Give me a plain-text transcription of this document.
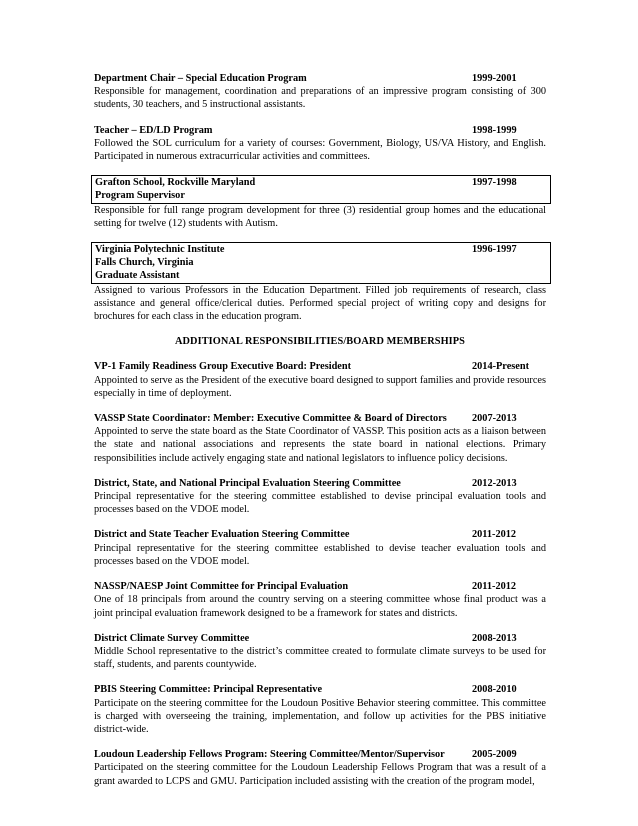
Department Chair – Special Education Program	1999-2001
Responsible for management, coordination and preparations of an impressive program consisting of 300 students, 30 teachers, and 5 instructional assistants.
Teacher – ED/LD Program	1998-1999
Followed the SOL curriculum for a variety of courses: Government, Biology, US/VA History, and English. Participated in numerous extracurricular activities and committees.
Grafton School, Rockville Maryland	1997-1998
Program Supervisor
Responsible for full range program development for three (3) residential group homes and the educational setting for twelve (12) students with Autism.
Virginia Polytechnic Institute	1996-1997
Falls Church, Virginia
Graduate Assistant
Assigned to various Professors in the Education Department. Filled job requirements of research, class assistance and general office/clerical duties. Performed special project of writing copy and designs for brochures for each class in the education program.
ADDITIONAL RESPONSIBILITIES/BOARD MEMBERSHIPS
VP-1 Family Readiness Group Executive Board: President	2014-Present
Appointed to serve as the President of the executive board designed to support families and provide resources especially in time of deployment.
VASSP State Coordinator: Member: Executive Committee & Board of Directors 2007-2013
Appointed to serve the state board as the State Coordinator of VASSP. This position acts as a liaison between the state and national associations and represents the state board in national elections. Primary responsibilities include actively engaging state and national legislators to influence policy decisions.
District, State, and National Principal Evaluation Steering Committee	2012-2013
Principal representative for the steering committee established to devise principal evaluation tools and processes based on the VDOE model.
District and State Teacher Evaluation Steering Committee	2011-2012
Principal representative for the steering committee established to devise teacher evaluation tools and processes based on the VDOE model.
NASSP/NAESP Joint Committee for Principal Evaluation	2011-2012
One of 18 principals from around the country serving on a steering committee whose final product was a joint principal evaluation framework designed to be a framework for states and districts.
District Climate Survey Committee	2008-2013
Middle School representative to the district’s committee created to formulate climate surveys to be used for staff, students, and parents countywide.
PBIS Steering Committee: Principal Representative	2008-2010
Participate on the steering committee for the Loudoun Positive Behavior steering committee. This committee is charged with overseeing the training, implementation, and follow up activities for the PBS initiative district-wide.
Loudoun Leadership Fellows Program: Steering Committee/Mentor/Supervisor	2005-2009
Participated on the steering committee for the Loudoun Leadership Fellows Program that was a result of a grant awarded to LCPS and GMU. Participation included assisting with the creation of the program model,
